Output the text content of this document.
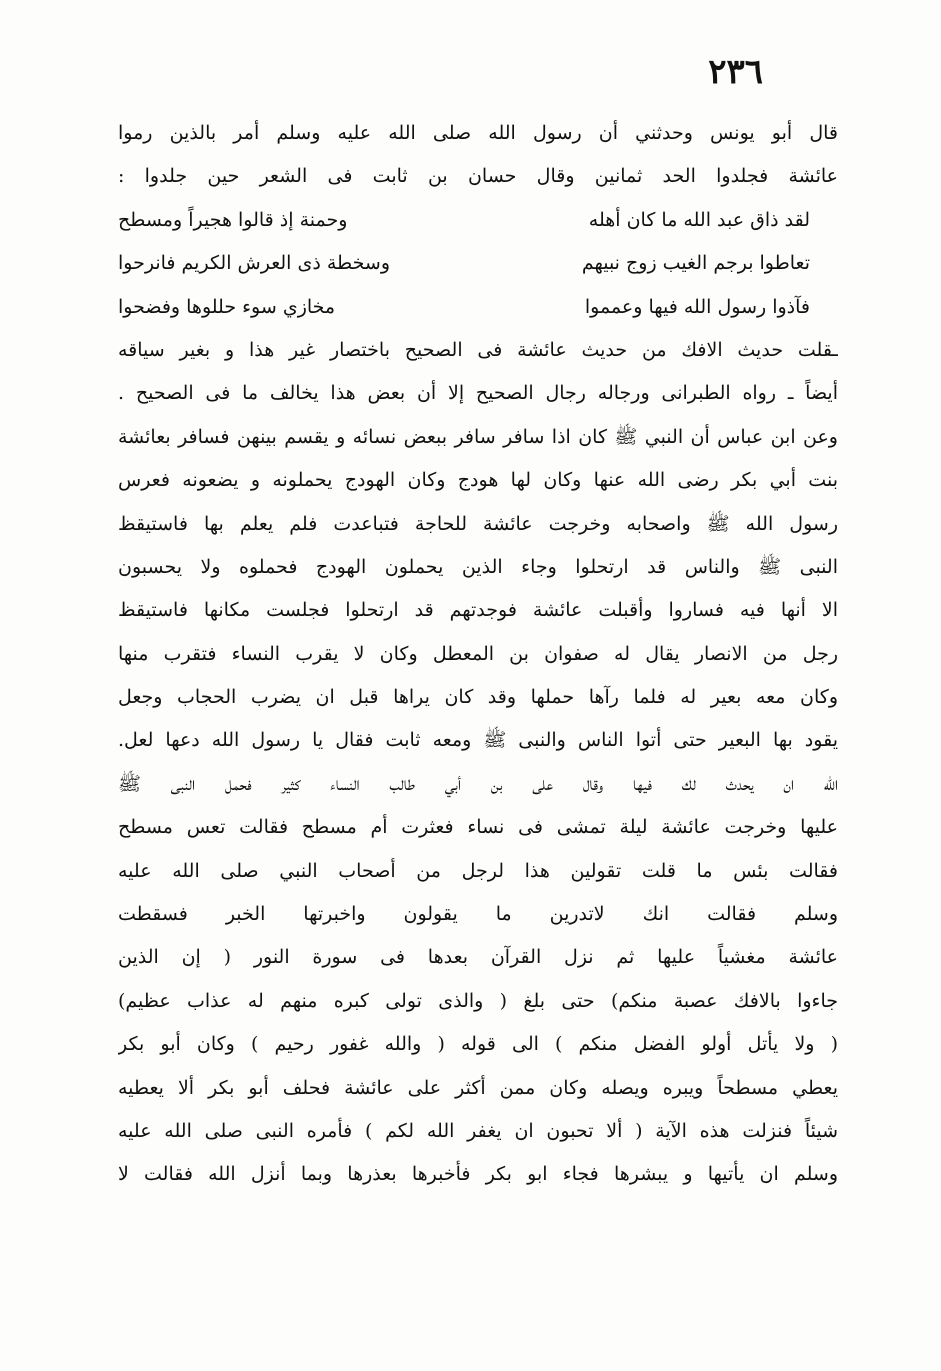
٢٣٦
قال أبو يونس وحدثني أن رسول الله صلى الله عليه وسلم أمر بالذين رموا
عائشة فجلدوا الحد ثمانين وقال حسان بن ثابت فى الشعر حين جلدوا :
لقد ذاق عبد الله ما كان أهله
وحمنة إذ قالوا هجيراً ومسطح
تعاطوا برجم الغيب زوج نبيهم
وسخطة ذى العرش الكريم فانرحوا
فآذوا رسول الله فيها وعمموا
مخازي سوء حللوها وفضحوا
ـقلت حديث الافك من حديث عائشة فى الصحيح باختصار غير هذا و بغير سياقه
أيضاً ـ رواه الطبرانى ورجاله رجال الصحيح إلا أن بعض هذا يخالف ما فى الصحيح .
وعن ابن عباس أن النبي ﷺ كان اذا سافر سافر ببعض نسائه و يقسم بينهن فسافر بعائشة
بنت أبي بكر رضى الله عنها وكان لها هودج وكان الهودج يحملونه و يضعونه فعرس
رسول الله ﷺ واصحابه وخرجت عائشة للحاجة فتباعدت فلم يعلم بها فاستيقظ
النبى ﷺ والناس قد ارتحلوا وجاء الذين يحملون الهودج فحملوه ولا يحسبون
الا أنها فيه فساروا وأقبلت عائشة فوجدتهم قد ارتحلوا فجلست مكانها فاستيقظ
رجل من الانصار يقال له صفوان بن المعطل وكان لا يقرب النساء فتقرب منها
وكان معه بعير له فلما رآها حملها وقد كان يراها قبل ان يضرب الحجاب وجعل
يقود بها البعير حتى أتوا الناس والنبى ﷺ ومعه ثابت فقال يا رسول الله دعها لعل.
الله ان يحدث لك فيها وقال على بن أبي طالب النساء كثير فحمل النبى ﷺ
عليها وخرجت عائشة ليلة تمشى فى نساء فعثرت أم مسطح فقالت تعس مسطح
فقالت بئس ما قلت تقولين هذا لرجل من أصحاب النبي صلى الله عليه
وسلم فقالت انك لاتدرين ما يقولون واخبرتها الخبر فسقطت
عائشة مغشياً عليها ثم نزل القرآن بعدها فى سورة النور ( إن الذين
جاءوا بالافك عصبة منكم) حتى بلغ ( والذى تولى كبره منهم له عذاب عظيم)
( ولا يأتل أولو الفضل منكم ) الى قوله ( والله غفور رحيم ) وكان أبو بكر
يعطي مسطحاً ويبره ويصله وكان ممن أكثر على عائشة فحلف أبو بكر ألا يعطيه
شيئاً فنزلت هذه الآية ( ألا تحبون ان يغفر الله لكم ) فأمره النبى صلى الله عليه
وسلم ان يأتيها و يبشرها فجاء ابو بكر فأخبرها بعذرها وبما أنزل الله فقالت لا
